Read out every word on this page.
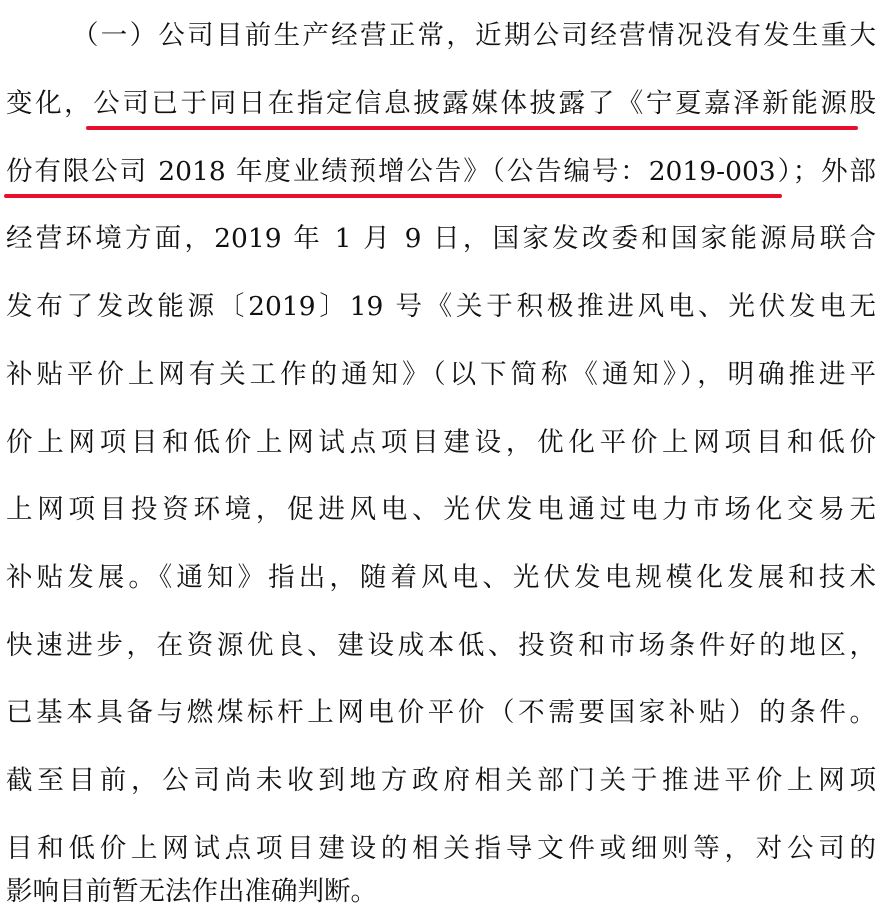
（一）公司目前生产经营正常，近期公司经营情况没有发生重大
变化，公司已于同日在指定信息披露媒体披露了《宁夏嘉泽新能源股
份有限公司 2018 年度业绩预增公告》（公告编号：2019-003）；外部
经营环境方面，2019 年 1 月 9 日，国家发改委和国家能源局联合
发布了发改能源〔2019〕19 号《关于积极推进风电、光伏发电无
补贴平价上网有关工作的通知》（以下简称《通知》），明确推进平
价上网项目和低价上网试点项目建设，优化平价上网项目和低价
上网项目投资环境，促进风电、光伏发电通过电力市场化交易无
补贴发展。《通知》指出，随着风电、光伏发电规模化发展和技术
快速进步，在资源优良、建设成本低、投资和市场条件好的地区，
已基本具备与燃煤标杆上网电价平价（不需要国家补贴）的条件。
截至目前，公司尚未收到地方政府相关部门关于推进平价上网项
目和低价上网试点项目建设的相关指导文件或细则等，对公司的
影响目前暂无法作出准确判断。
